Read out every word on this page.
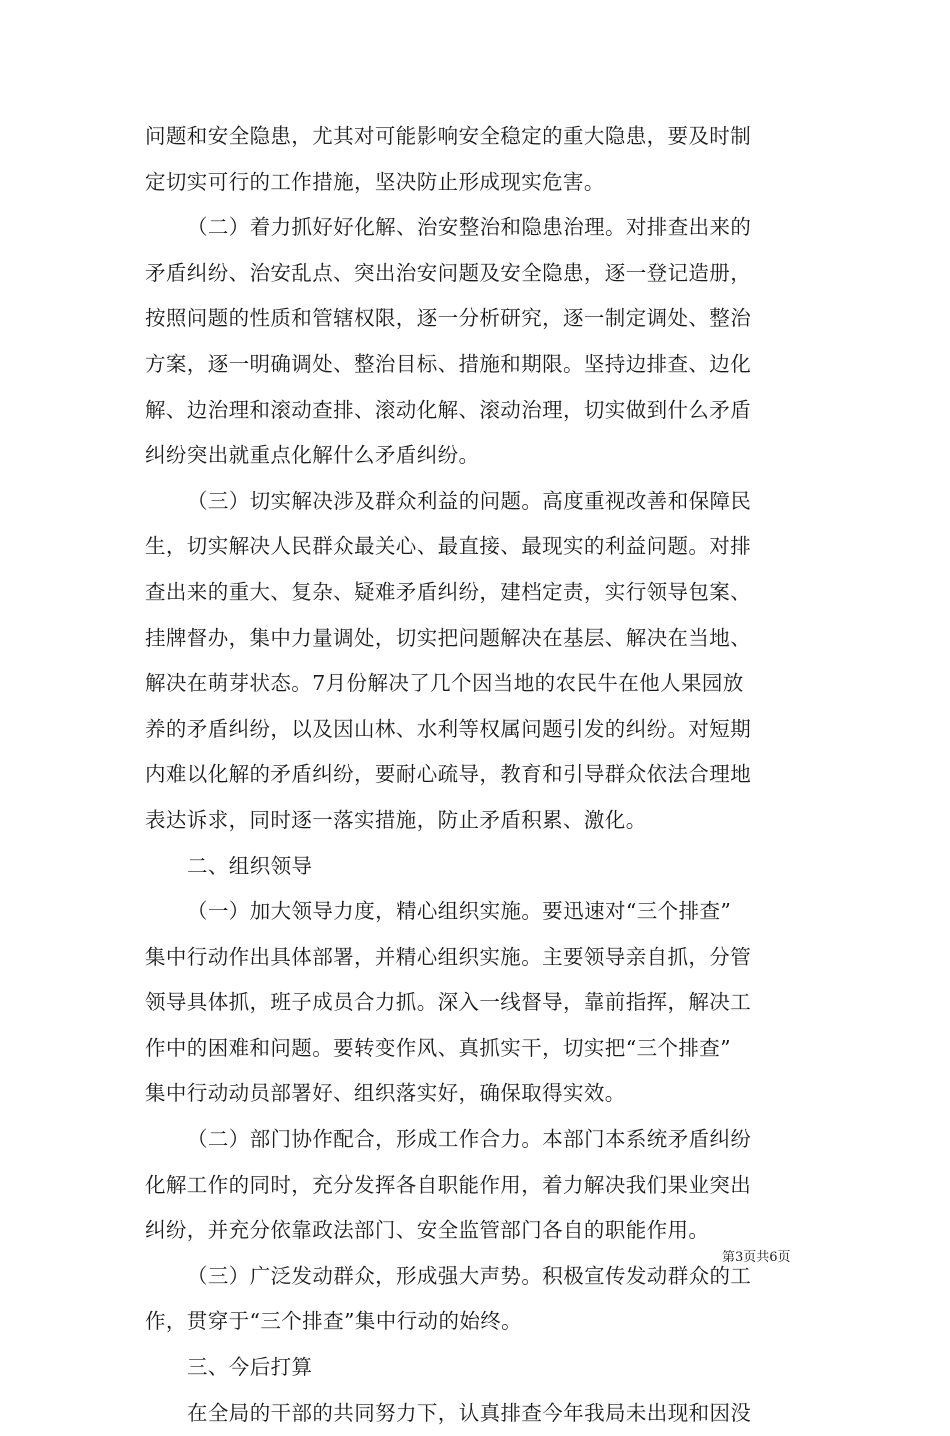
问题和安全隐患，尤其对可能影响安全稳定的重大隐患，要及时制
定切实可行的工作措施，坚决防止形成现实危害。
（二）着力抓好好化解、治安整治和隐患治理。对排查出来的
矛盾纠纷、治安乱点、突出治安问题及安全隐患，逐一登记造册，
按照问题的性质和管辖权限，逐一分析研究，逐一制定调处、整治
方案，逐一明确调处、整治目标、措施和期限。坚持边排查、边化
解、边治理和滚动查排、滚动化解、滚动治理，切实做到什么矛盾
纠纷突出就重点化解什么矛盾纠纷。
（三）切实解决涉及群众利益的问题。高度重视改善和保障民
生，切实解决人民群众最关心、最直接、最现实的利益问题。对排
查出来的重大、复杂、疑难矛盾纠纷，建档定责，实行领导包案、
挂牌督办，集中力量调处，切实把问题解决在基层、解决在当地、
解决在萌芽状态。7月份解决了几个因当地的农民牛在他人果园放
养的矛盾纠纷，以及因山林、水利等权属问题引发的纠纷。对短期
内难以化解的矛盾纠纷，要耐心疏导，教育和引导群众依法合理地
表达诉求，同时逐一落实措施，防止矛盾积累、激化。
二、组织领导
（一）加大领导力度，精心组织实施。要迅速对“三个排查”
集中行动作出具体部署，并精心组织实施。主要领导亲自抓，分管
领导具体抓，班子成员合力抓。深入一线督导，靠前指挥，解决工
作中的困难和问题。要转变作风、真抓实干，切实把“三个排查”
集中行动动员部署好、组织落实好，确保取得实效。
（二）部门协作配合，形成工作合力。本部门本系统矛盾纠纷
化解工作的同时，充分发挥各自职能作用，着力解决我们果业突出
纠纷，并充分依靠政法部门、安全监管部门各自的职能作用。
（三）广泛发动群众，形成强大声势。积极宣传发动群众的工
作，贯穿于“三个排查”集中行动的始终。
三、今后打算
在全局的干部的共同努力下，认真排查今年我局未出现和因没
第3页共6页
